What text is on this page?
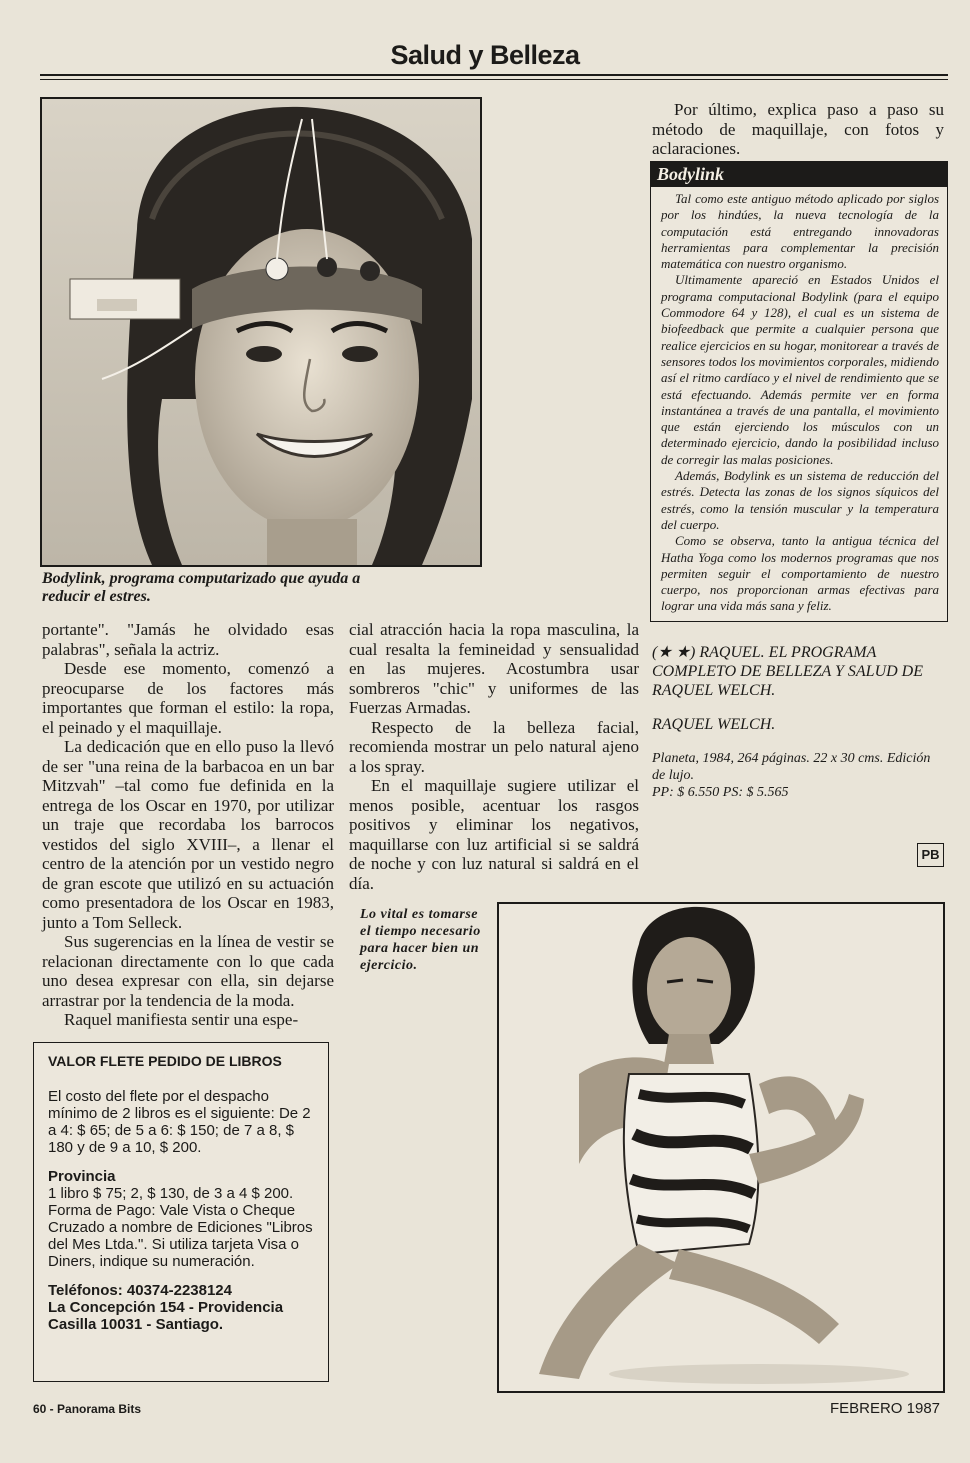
Salud y Belleza
Bodylink, programa computarizado que ayuda a reducir el estres.

portante". "Jamás he olvidado esas palabras", señala la actriz.

Desde ese momento, comenzó a preocuparse de los factores más importantes que forman el estilo: la ropa, el peinado y el maquillaje.

La dedicación que en ello puso la llevó de ser "una reina de la barbacoa en un bar Mitzvah" –tal como fue definida en la entrega de los Oscar en 1970, por utilizar un traje que recordaba los barrocos vestidos del siglo XVIII–, a llenar el centro de la atención por un vestido negro de gran escote que utilizó en su actuación como presentadora de los Oscar en 1983, junto a Tom Selleck.

Sus sugerencias en la línea de vestir se relacionan directamente con lo que cada uno desea expresar con ella, sin dejarse arrastrar por la tendencia de la moda.

Raquel manifiesta sentir una espe-

cial atracción hacia la ropa masculina, la cual resalta la femineidad y sensualidad en las mujeres. Acostumbra usar sombreros "chic" y uniformes de las Fuerzas Armadas.

Respecto de la belleza facial, recomienda mostrar un pelo natural ajeno a los spray.

En el maquillaje sugiere utilizar el menos posible, acentuar los rasgos positivos y eliminar los negativos, maquillarse con luz artificial si se saldrá de noche y con luz natural si saldrá en el día.

Por último, explica paso a paso su método de maquillaje, con fotos y aclaraciones.

Bodylink

Tal como este antiguo método aplicado por siglos por los hindúes, la nueva tecnología de la computación está entregando innovadoras herramientas para complementar la precisión matemática con nuestro organismo.

Ultimamente apareció en Estados Unidos el programa computacional Bodylink (para el equipo Commodore 64 y 128), el cual es un sistema de biofeedback que permite a cualquier persona que realice ejercicios en su hogar, monitorear a través de sensores todos los movimientos corporales, midiendo así el ritmo cardíaco y el nivel de rendimiento que se está efectuando. Además permite ver en forma instantánea a través de una pantalla, el movimiento que están ejerciendo los músculos con un determinado ejercicio, dando la posibilidad incluso de corregir las malas posiciones.

Además, Bodylink es un sistema de reducción del estrés. Detecta las zonas de los signos síquicos del estrés, como la tensión muscular y la temperatura del cuerpo.

Como se observa, tanto la antigua técnica del Hatha Yoga como los modernos programas que nos permiten seguir el comportamiento de nuestro cuerpo, nos proporcionan armas efectivas para lograr una vida más sana y feliz.

(★ ★) RAQUEL. EL PROGRAMA COMPLETO DE BELLEZA Y SALUD DE RAQUEL WELCH.
RAQUEL WELCH.
Planeta, 1984, 264 páginas. 22 x 30 cms. Edición de lujo.
PP: $ 6.550 PS: $ 5.565
PB
Lo vital es tomarse el tiempo necesario para hacer bien un ejercicio.
VALOR FLETE PEDIDO DE LIBROS
El costo del flete por el despacho mínimo de 2 libros es el siguiente: De 2 a 4: $ 65; de 5 a 6: $ 150; de 7 a 8, $ 180 y de 9 a 10, $ 200.
Provincia
1 libro $ 75; 2, $ 130, de 3 a 4 $ 200. Forma de Pago: Vale Vista o Cheque Cruzado a nombre de Ediciones "Libros del Mes Ltda.". Si utiliza tarjeta Visa o Diners, indique su numeración.
Teléfonos: 40374-2238124
La Concepción 154 - Providencia
Casilla 10031 - Santiago.
60 - Panorama Bits	FEBRERO 1987
